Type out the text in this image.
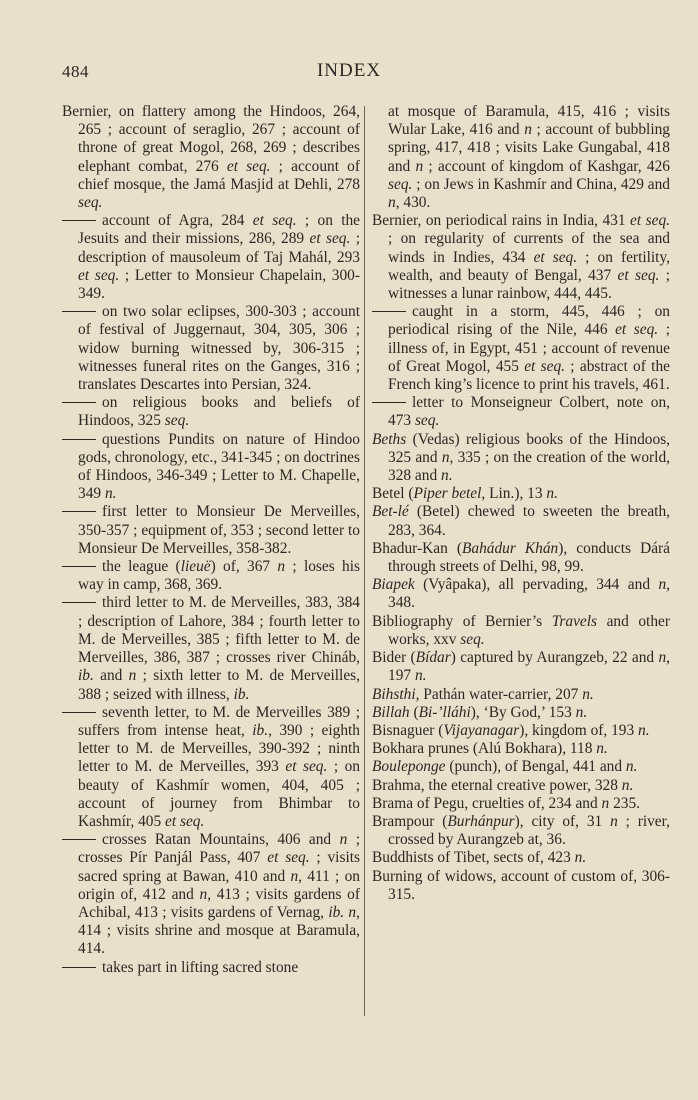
484	INDEX

Bernier, on flattery among the Hindoos, 264, 265 ; account of seraglio, 267 ; account of throne of great Mogol, 268, 269 ; describes elephant combat, 276 et seq. ; account of chief mosque, the Jamá Masjid at Dehli, 278 seq.

account of Agra, 284 et seq. ; on the Jesuits and their missions, 286, 289 et seq. ; description of mausoleum of Taj Mahál, 293 et seq. ; Letter to Monsieur Chapelain, 300-349.

on two solar eclipses, 300-303 ; account of festival of Juggernaut, 304, 305, 306 ; widow burning witnessed by, 306-315 ; witnesses funeral rites on the Ganges, 316 ; translates Descartes into Persian, 324.

on religious books and beliefs of Hindoos, 325 seq.

questions Pundits on nature of Hindoo gods, chronology, etc., 341-345 ; on doctrines of Hindoos, 346-349 ; Letter to M. Chapelle, 349 n.

first letter to Monsieur De Merveilles, 350-357 ; equipment of, 353 ; second letter to Monsieur De Merveilles, 358-382.

the league (lieuë) of, 367 n ; loses his way in camp, 368, 369.

third letter to M. de Merveilles, 383, 384 ; description of Lahore, 384 ; fourth letter to M. de Merveilles, 385 ; fifth letter to M. de Merveilles, 386, 387 ; crosses river Chináb, ib. and n ; sixth letter to M. de Merveilles, 388 ; seized with illness, ib.

seventh letter, to M. de Merveilles 389 ; suffers from intense heat, ib., 390 ; eighth letter to M. de Merveilles, 390-392 ; ninth letter to M. de Merveilles, 393 et seq. ; on beauty of Kashmír women, 404, 405 ; account of journey from Bhimbar to Kashmír, 405 et seq.

crosses Ratan Mountains, 406 and n ; crosses Pír Panjál Pass, 407 et seq. ; visits sacred spring at Bawan, 410 and n, 411 ; on origin of, 412 and n, 413 ; visits gardens of Achibal, 413 ; visits gardens of Vernag, ib. n, 414 ; visits shrine and mosque at Baramula, 414.

takes part in lifting sacred stone

at mosque of Baramula, 415, 416 ; visits Wular Lake, 416 and n ; account of bubbling spring, 417, 418 ; visits Lake Gungabal, 418 and n ; account of kingdom of Kashgar, 426 seq. ; on Jews in Kashmír and China, 429 and n, 430.

Bernier, on periodical rains in India, 431 et seq. ; on regularity of currents of the sea and winds in Indies, 434 et seq. ; on fertility, wealth, and beauty of Bengal, 437 et seq. ; witnesses a lunar rainbow, 444, 445.

caught in a storm, 445, 446 ; on periodical rising of the Nile, 446 et seq. ; illness of, in Egypt, 451 ; account of revenue of Great Mogol, 455 et seq. ; abstract of the French king’s licence to print his travels, 461.

letter to Monseigneur Colbert, note on, 473 seq.

Beths (Vedas) religious books of the Hindoos, 325 and n, 335 ; on the creation of the world, 328 and n.

Betel (Piper betel, Lin.), 13 n.

Bet-lé (Betel) chewed to sweeten the breath, 283, 364.

Bhadur-Kan (Bahádur Khán), conducts Dárá through streets of Delhi, 98, 99.

Biapek (Vyâpaka), all pervading, 344 and n, 348.

Bibliography of Bernier’s Travels and other works, xxv seq.

Bider (Bídar) captured by Aurangzeb, 22 and n, 197 n.

Bihsthi, Pathán water-carrier, 207 n.

Billah (Bi-’lláhi), ‘By God,’ 153 n.

Bisnaguer (Vijayanagar), kingdom of, 193 n.

Bokhara prunes (Alú Bokhara), 118 n.

Bouleponge (punch), of Bengal, 441 and n.

Brahma, the eternal creative power, 328 n.

Brama of Pegu, cruelties of, 234 and n 235.

Brampour (Burhánpur), city of, 31 n ; river, crossed by Aurangzeb at, 36.

Buddhists of Tibet, sects of, 423 n.

Burning of widows, account of custom of, 306-315.
